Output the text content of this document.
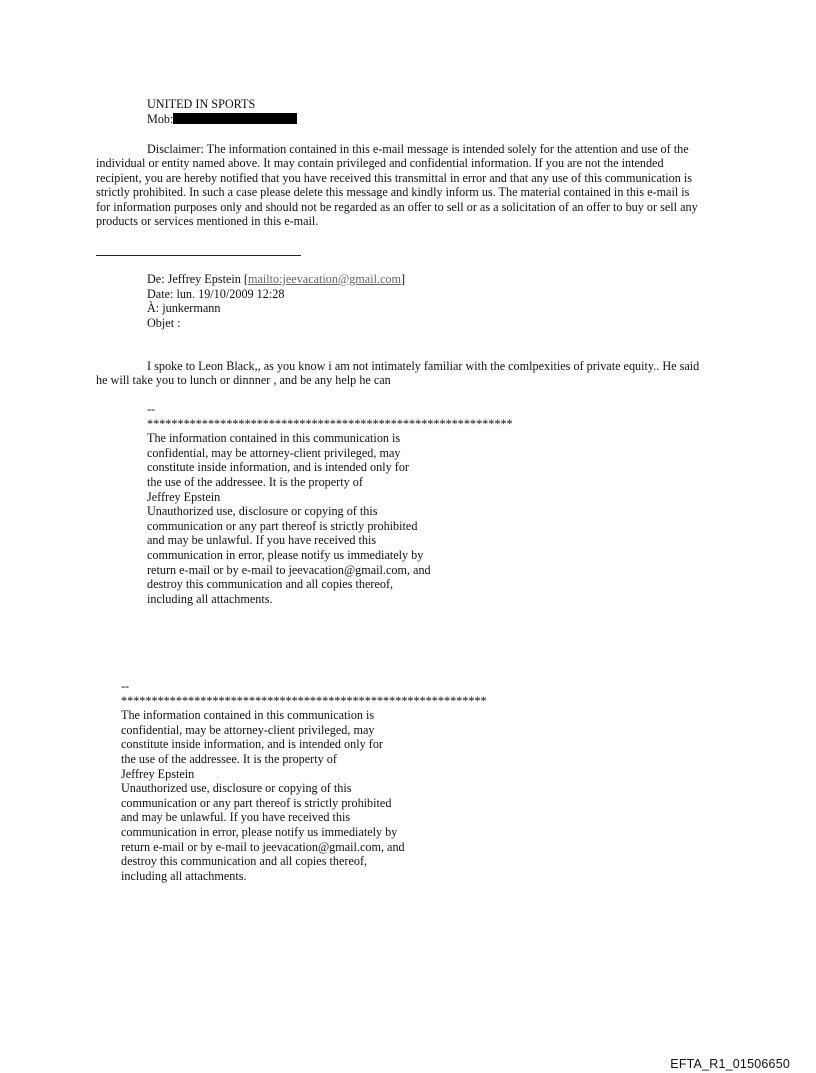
UNITED IN SPORTS
Mob:
Disclaimer: The information contained in this e-mail message is intended solely for the attention and use of the
individual or entity named above. It may contain privileged and confidential information. If you are not the intended
recipient, you are hereby notified that you have received this transmittal in error and that any use of this communication is
strictly prohibited. In such a case please delete this message and kindly inform us. The material contained in this e-mail is
for information purposes only and should not be regarded as an offer to sell or as a solicitation of an offer to buy or sell any
products or services mentioned in this e-mail.
De: Jeffrey Epstein [mailto:jeevacation@gmail.com]
Date: lun. 19/10/2009 12:28
À: junkermann
Objet :
I spoke to Leon Black,, as you know i am not intimately familiar with the comlpexities of private equity.. He said
he will take you to lunch or dinnner , and be any help he can
--
************************************************************
The information contained in this communication is
confidential, may be attorney-client privileged, may
constitute inside information, and is intended only for
the use of the addressee. It is the property of
Jeffrey Epstein
Unauthorized use, disclosure or copying of this
communication or any part thereof is strictly prohibited
and may be unlawful. If you have received this
communication in error, please notify us immediately by
return e-mail or by e-mail to jeevacation@gmail.com, and
destroy this communication and all copies thereof,
including all attachments.
--
************************************************************
The information contained in this communication is
confidential, may be attorney-client privileged, may
constitute inside information, and is intended only for
the use of the addressee. It is the property of
Jeffrey Epstein
Unauthorized use, disclosure or copying of this
communication or any part thereof is strictly prohibited
and may be unlawful. If you have received this
communication in error, please notify us immediately by
return e-mail or by e-mail to jeevacation@gmail.com, and
destroy this communication and all copies thereof,
including all attachments.
EFTA_R1_01506650
